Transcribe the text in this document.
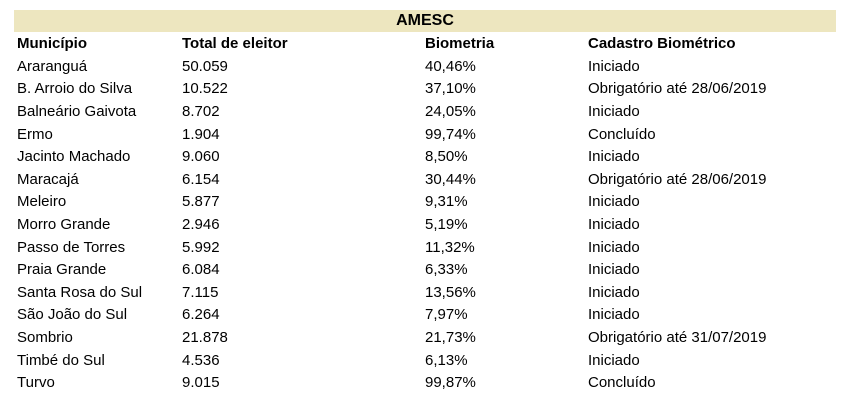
AMESC
Município	Total de eleitor	Biometria	Cadastro Biométrico
Araranguá	50.059	40,46%	Iniciado
B. Arroio do Silva	10.522	37,10%	Obrigatório até 28/06/2019
Balneário Gaivota	8.702	24,05%	Iniciado
Ermo	1.904	99,74%	Concluído
Jacinto Machado	9.060	8,50%	Iniciado
Maracajá	6.154	30,44%	Obrigatório até 28/06/2019
Meleiro	5.877	9,31%	Iniciado
Morro Grande	2.946	5,19%	Iniciado
Passo de Torres	5.992	11,32%	Iniciado
Praia Grande	6.084	6,33%	Iniciado
Santa Rosa do Sul	7.115	13,56%	Iniciado
São João do Sul	6.264	7,97%	Iniciado
Sombrio	21.878	21,73%	Obrigatório até 31/07/2019
Timbé do Sul	4.536	6,13%	Iniciado
Turvo	9.015	99,87%	Concluído
